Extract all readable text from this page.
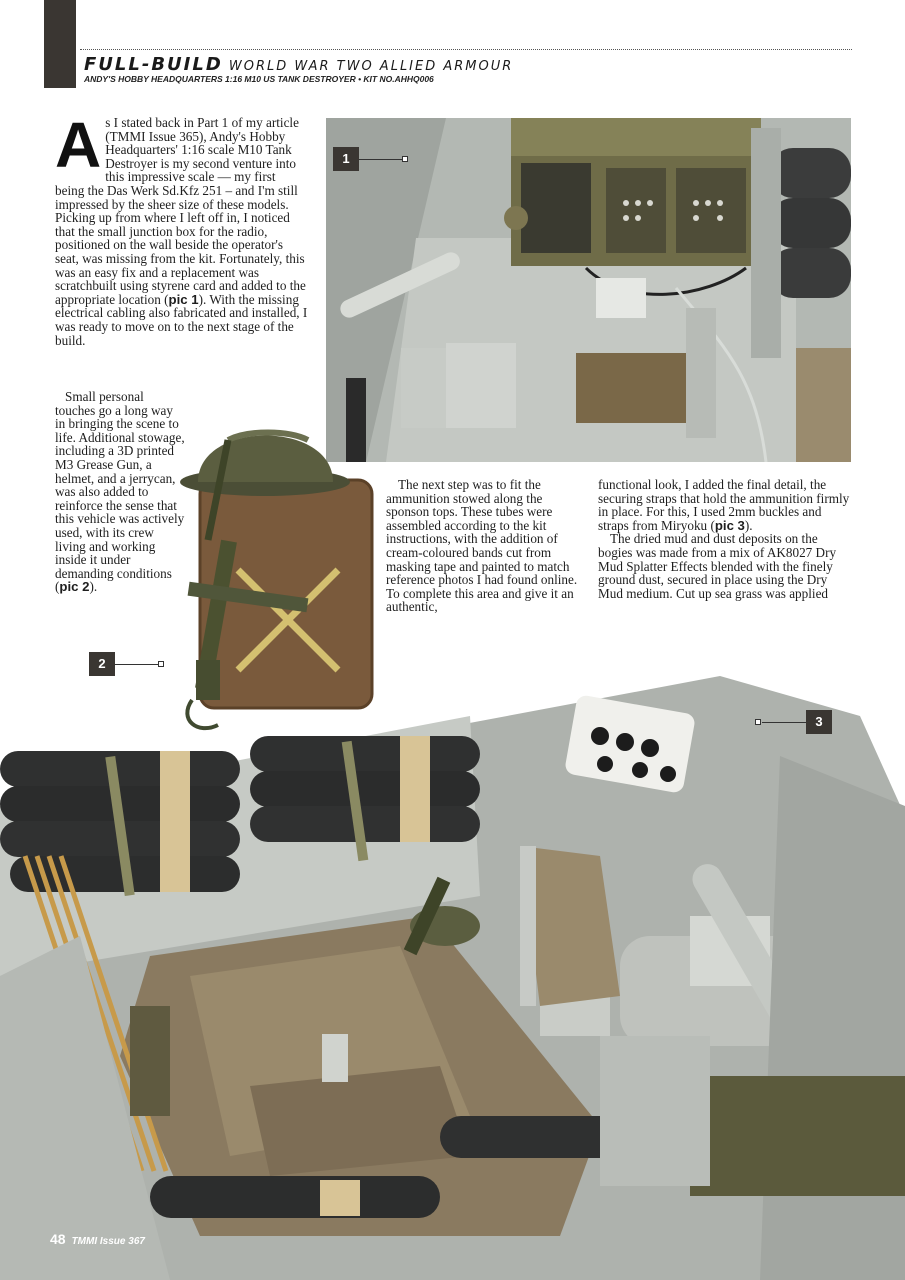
FULL-BUILD WORLD WAR TWO ALLIED ARMOUR
ANDY'S HOBBY HEADQUARTERS 1:16 M10 US TANK DESTROYER • KIT NO.AHHQ006

As I stated back in Part 1 of my article (TMMI Issue 365), Andy's Hobby Headquarters' 1:16 scale M10 Tank Destroyer is my second venture into this impressive scale — my first being the Das Werk Sd.Kfz 251 – and I'm still impressed by the sheer size of these models. Picking up from where I left off in, I noticed that the small junction box for the radio, positioned on the wall beside the operator's seat, was missing from the kit. Fortunately, this was an easy fix and a replacement was scratchbuilt using styrene card and added to the appropriate location (pic 1). With the missing electrical cabling also fabricated and installed, I was ready to move on to the next stage of the build.

Small personal touches go a long way in bringing the scene to life. Additional stowage, including a 3D printed M3 Grease Gun, a helmet, and a jerrycan, was also added to reinforce the sense that this vehicle was actively used, with its crew living and working inside it under demanding conditions (pic 2).

The next step was to fit the ammunition stowed along the sponson tops. These tubes were assembled according to the kit instructions, with the addition of cream-coloured bands cut from masking tape and painted to match reference photos I had found online. To complete this area and give it an authentic,

functional look, I added the final detail, the securing straps that hold the ammunition firmly in place. For this, I used 2mm buckles and straps from Miryoku (pic 3).

The dried mud and dust deposits on the bogies was made from a mix of AK8027 Dry Mud Splatter Effects blended with the finely ground dust, secured in place using the Dry Mud medium. Cut up sea grass was applied

1
2
3
48 TMMI Issue 367
